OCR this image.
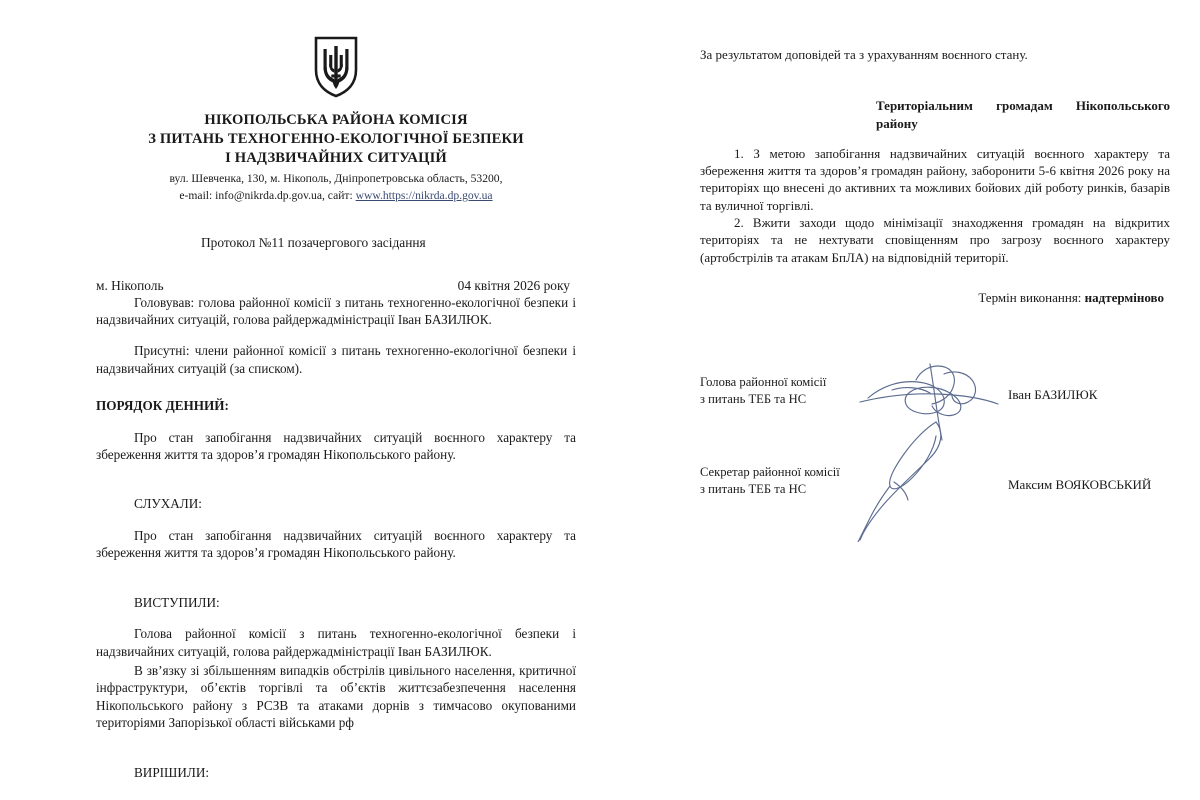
НІКОПОЛЬСЬКА РАЙОНА КОМІСІЯ
З ПИТАНЬ ТЕХНОГЕННО-ЕКОЛОГІЧНОЇ БЕЗПЕКИ
І НАДЗВИЧАЙНИХ СИТУАЦІЙ
вул. Шевченка, 130, м. Нікополь, Дніпропетровська область, 53200,
e-mail: info@nikrda.dp.gov.ua, сайт: www.https://nikrda.dp.gov.ua
Протокол №11 позачергового засідання
м. Нікополь	04 квітня 2026 року

Головував: голова районної комісії з питань техногенно-екологічної безпеки і надзвичайних ситуацій, голова райдержадміністрації Іван БАЗИЛЮК.

Присутні: члени районної комісії з питань техногенно-екологічної безпеки і надзвичайних ситуацій (за списком).

ПОРЯДОК ДЕННИЙ:

Про стан запобігання надзвичайних ситуацій воєнного характеру та збереження життя та здоров’я громадян Нікопольського району.

СЛУХАЛИ:

Про стан запобігання надзвичайних ситуацій воєнного характеру та збереження життя та здоров’я громадян Нікопольського району.

ВИСТУПИЛИ:

Голова районної комісії з питань техногенно-екологічної безпеки і надзвичайних ситуацій, голова райдержадміністрації Іван БАЗИЛЮК.

В зв’язку зі збільшенням випадків обстрілів цивільного населення, критичної інфраструктури, об’єктів торгівлі та об’єктів життєзабезпечення населення Нікопольського району з РСЗВ та атаками дорнів з тимчасово окупованими територіями Запорізької області військами рф

ВИРІШИЛИ:

За результатом доповідей та з урахуванням воєнного стану.

Територіальним громадам Нікопольського району

1. З метою запобігання надзвичайних ситуацій воєнного характеру та збереження життя та здоров’я громадян району, заборонити 5-6 квітня 2026 року на територіях що внесені до активних та можливих бойових дій роботу ринків, базарів та вуличної торгівлі.

2. Вжити заходи щодо мінімізації знаходження громадян на відкритих територіях та не нехтувати сповіщенням про загрозу воєнного характеру (артобстрілів та атакам БпЛА) на відповідній території.

Термін виконання: надтерміново

Голова районної комісії
з питань ТЕБ та НС	Іван БАЗИЛЮК
Секретар районної комісії
з питань ТЕБ та НС	Максим ВОЯКОВСЬКИЙ
